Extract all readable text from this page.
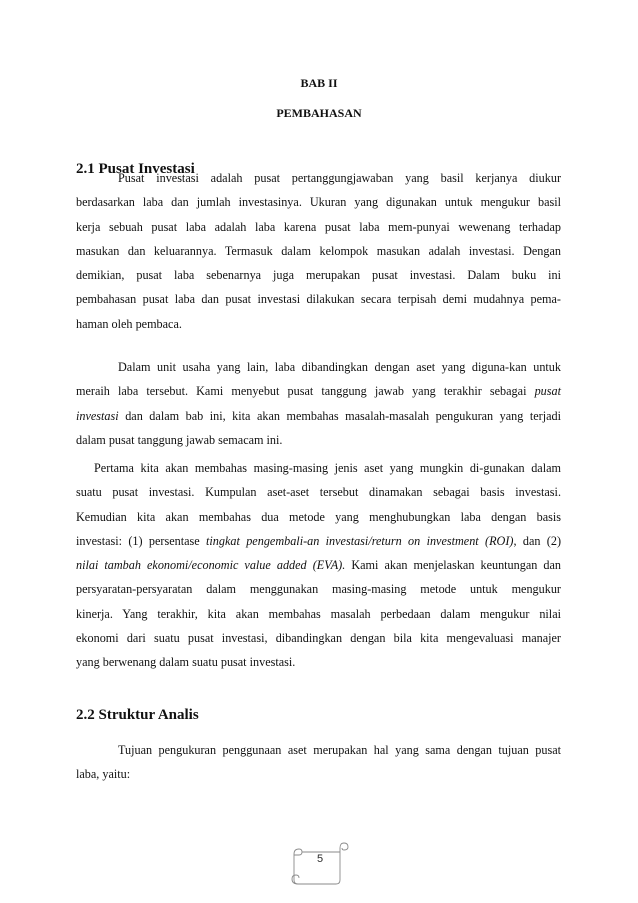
BAB II
PEMBAHASAN
2.1 Pusat Investasi
Pusat investasi adalah pusat pertanggungjawaban yang basil kerjanya diukur
berdasarkan laba dan jumlah investasinya. Ukuran yang digunakan untuk mengukur basil
kerja sebuah pusat laba adalah laba karena pusat laba mem-punyai wewenang terhadap
masukan dan keluarannya. Termasuk dalam kelompok masukan adalah investasi. Dengan
demikian, pusat laba sebenarnya juga merupakan pusat investasi. Dalam buku ini
pembahasan pusat laba dan pusat investasi dilakukan secara terpisah demi mudahnya pema-
haman oleh pembaca.
Dalam unit usaha yang lain, laba dibandingkan dengan aset yang diguna-kan untuk
meraih laba tersebut. Kami menyebut pusat tanggung jawab yang terakhir sebagai pusat
investasi dan dalam bab ini, kita akan membahas masalah-masalah pengukuran yang terjadi
dalam pusat tanggung jawab semacam ini.
Pertama kita akan membahas masing-masing jenis aset yang mungkin di-gunakan dalam
suatu pusat investasi. Kumpulan aset-aset tersebut dinamakan sebagai basis investasi.
Kemudian kita akan membahas dua metode yang menghubungkan laba dengan basis
investasi: (1) persentase tingkat pengembali-an investasi/return on investment (ROI), dan (2)
nilai tambah ekonomi/economic value added (EVA). Kami akan menjelaskan keuntungan dan
persyaratan-persyaratan dalam menggunakan masing-masing metode untuk mengukur
kinerja. Yang terakhir, kita akan membahas masalah perbedaan dalam mengukur nilai
ekonomi dari suatu pusat investasi, dibandingkan dengan bila kita mengevaluasi manajer
yang berwenang dalam suatu pusat investasi.
2.2 Struktur Analis
Tujuan pengukuran penggunaan aset merupakan hal yang sama dengan tujuan pusat
laba, yaitu:
5
